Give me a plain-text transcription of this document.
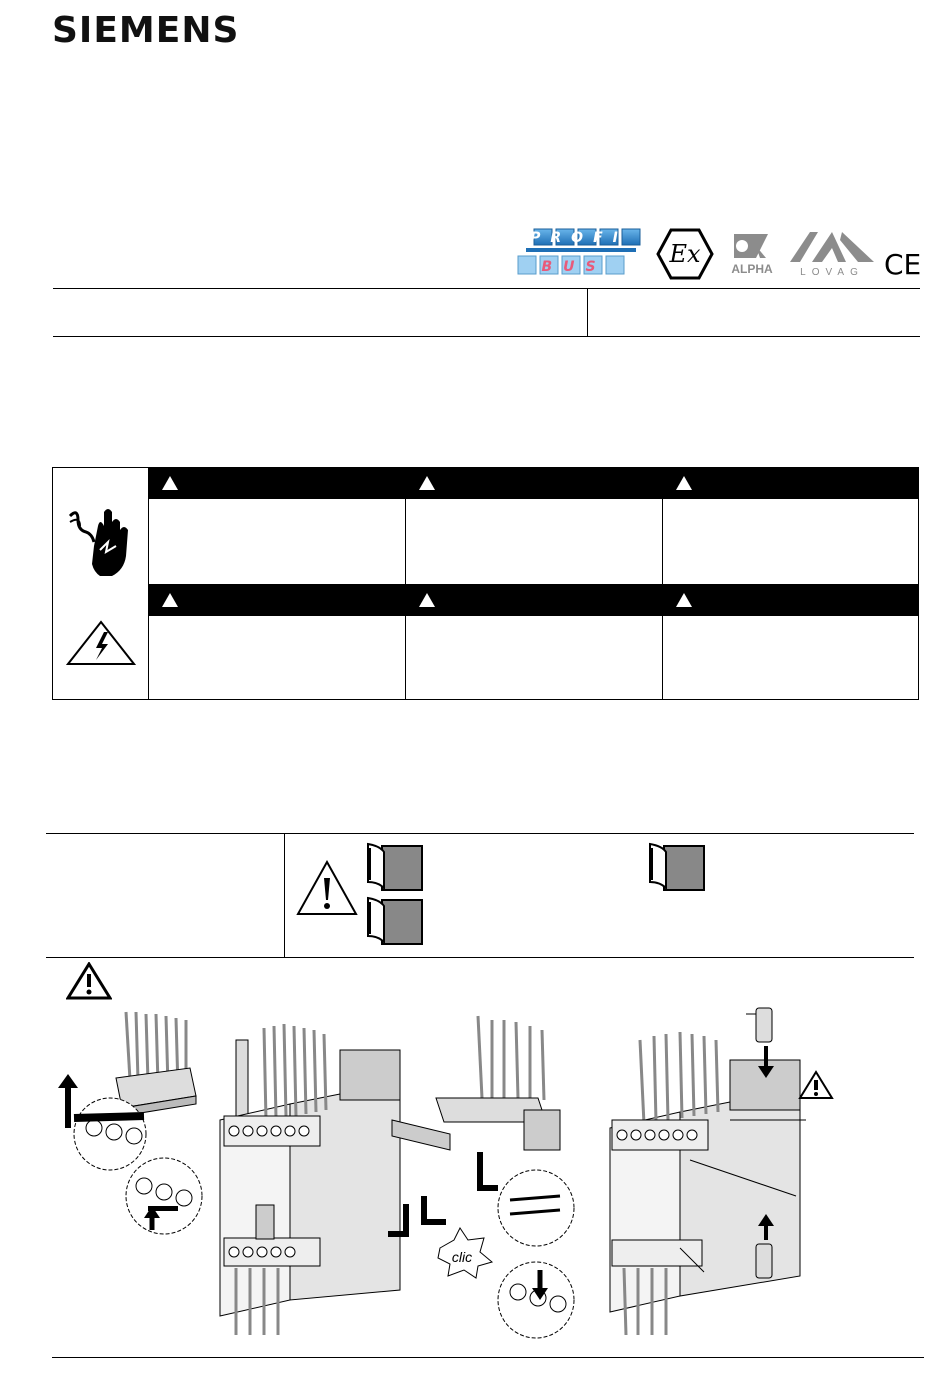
SIEMENS
PROFI
BUS	Ex
ALPHA	LOVAG CE
clic
